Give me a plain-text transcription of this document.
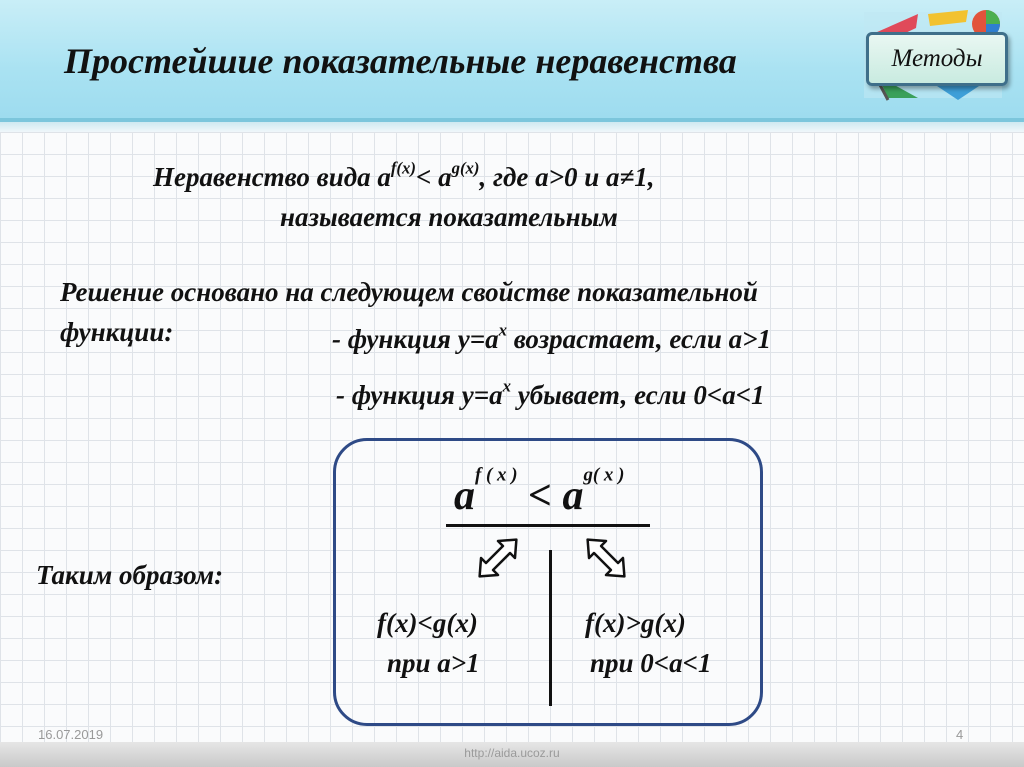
Простейшие показательные неравенства	Методы
Неравенство вида $a^{f(x)}< a^{g(x)}$, где a>0 и a≠1,
называется показательным
Решение основано на следующем свойстве показательной
функции:	- функция $y=a^x$ возрастает, если a>1
- функция $y=a^x$ убывает, если 0<a<1
$a^{f ( x )} < a^{g( x )}$
Таким образом:
f(x)<g(x)
при a>1
f(x)>g(x)
при 0<a<1
16.07.2019	4
http://aida.ucoz.ru
